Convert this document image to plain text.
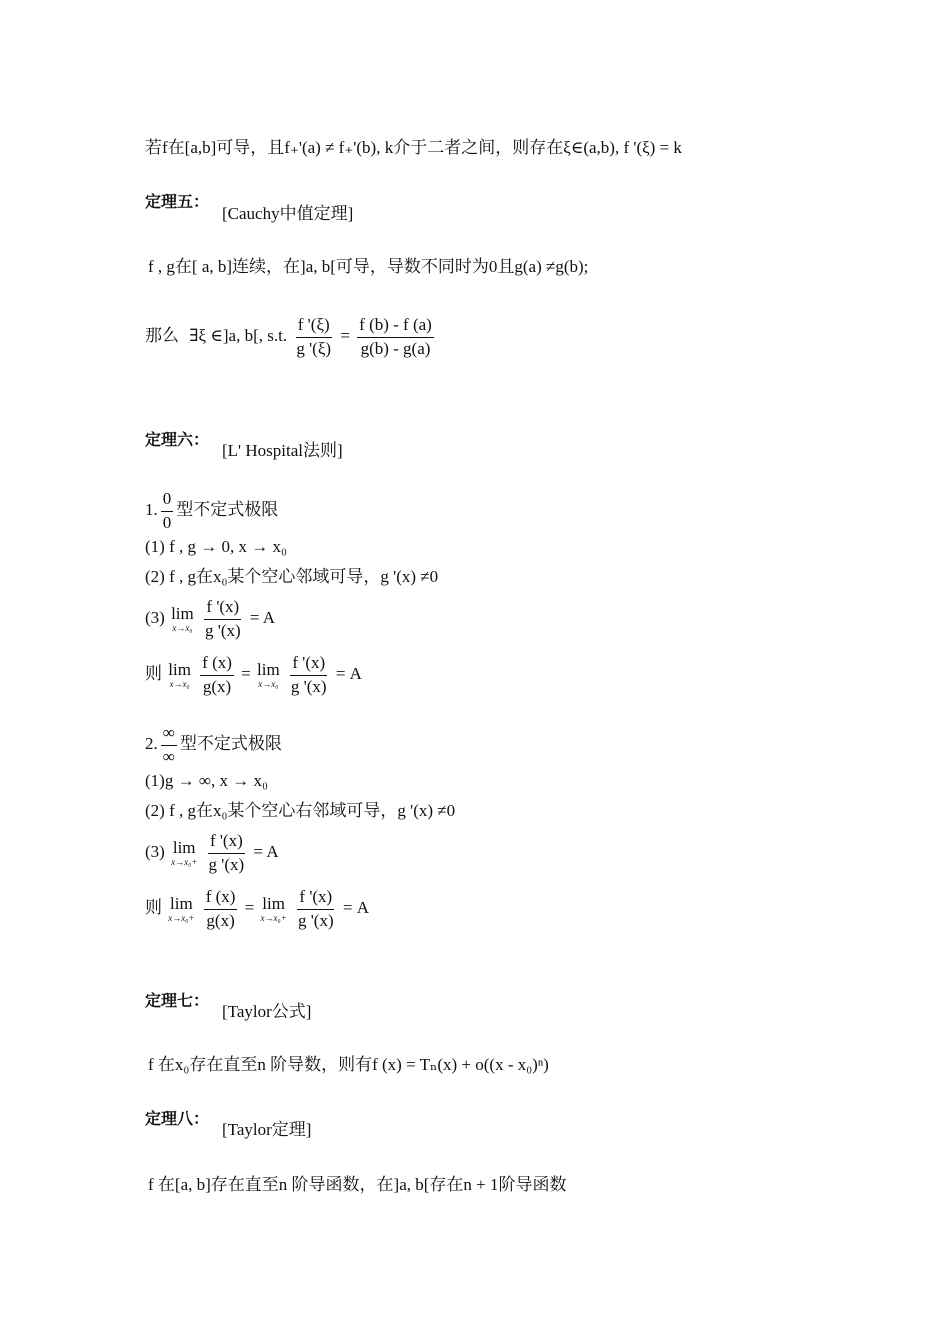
若f在[a,b]可导，且f₊'(a) ≠ f₊'(b), k介于二者之间，则存在ξ∈(a,b), f '(ξ) = k
定理五：
[Cauchy中值定理]
f , g在[ a, b]连续，在]a, b[可导，导数不同时为0且g(a) ≠g(b);
那么 ∃ξ ∈]a, b[, s.t. $\frac{f '(\xi)}{g '(\xi)} = \frac{f (b) - f (a)}{g(b) - g(a)}$
定理六：
[L' Hospital法则]
1. $\frac{0}{0}$ 型不定式极限
(1) f , g → 0, x → x₀
(2) f , g在x₀某个空心邻域可导，g '(x) ≠0
(3) lim
x→x₀
$\frac{f '(x)}{g '(x)} = A$
则 lim
x→x₀
$\frac{f (x)}{g(x)} = \lim$
x→x₀
$\frac{f '(x)}{g '(x)} = A$
2. $\frac{\infty}{\infty}$ 型不定式极限
(1)g → ∞, x → x₀
(2) f , g在x₀某个空心右邻域可导，g '(x) ≠0
(3) lim
x→x₀+
$\frac{f '(x)}{g '(x)} = A$
则 lim
x→x₀+
$\frac{f (x)}{g(x)} = \lim$
x→x₀+
$\frac{f '(x)}{g '(x)} = A$
定理七：
[Taylor公式]
f 在x₀存在直至n 阶导数，则有f (x) = Tₙ(x) + o((x - x₀)ⁿ)
定理八：
[Taylor定理]
f 在[a, b]存在直至n 阶导函数，在]a, b[存在n + 1阶导函数
